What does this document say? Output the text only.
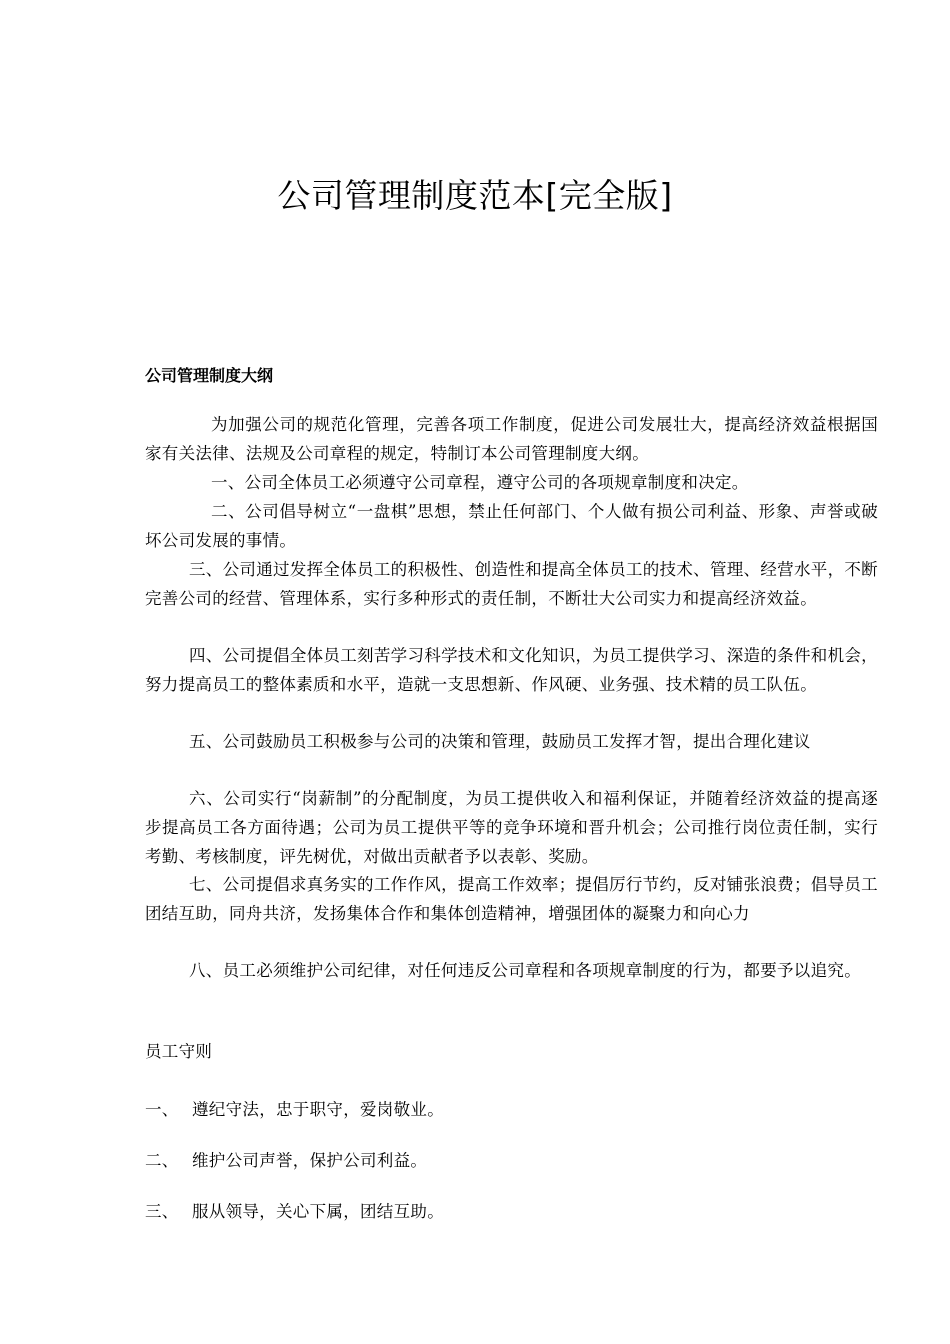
公司管理制度范本[完全版]
公司管理制度大纲

为加强公司的规范化管理，完善各项工作制度，促进公司发展壮大，提高经济效益根据国家有关法律、法规及公司章程的规定，特制订本公司管理制度大纲。

一、公司全体员工必须遵守公司章程，遵守公司的各项规章制度和决定。

二、公司倡导树立“一盘棋”思想，禁止任何部门、个人做有损公司利益、形象、声誉或破坏公司发展的事情。

三、公司通过发挥全体员工的积极性、创造性和提高全体员工的技术、管理、经营水平，不断完善公司的经营、管理体系，实行多种形式的责任制，不断壮大公司实力和提高经济效益。

四、公司提倡全体员工刻苦学习科学技术和文化知识，为员工提供学习、深造的条件和机会，努力提高员工的整体素质和水平，造就一支思想新、作风硬、业务强、技术精的员工队伍。

五、公司鼓励员工积极参与公司的决策和管理，鼓励员工发挥才智，提出合理化建议

六、公司实行“岗薪制”的分配制度，为员工提供收入和福利保证，并随着经济效益的提高逐步提高员工各方面待遇；公司为员工提供平等的竞争环境和晋升机会；公司推行岗位责任制，实行考勤、考核制度，评先树优，对做出贡献者予以表彰、奖励。

七、公司提倡求真务实的工作作风，提高工作效率；提倡厉行节约，反对铺张浪费；倡导员工团结互助，同舟共济，发扬集体合作和集体创造精神，增强团体的凝聚力和向心力

八、员工必须维护公司纪律，对任何违反公司章程和各项规章制度的行为，都要予以追究。

员工守则

一、 遵纪守法，忠于职守，爱岗敬业。
二、 维护公司声誉，保护公司利益。
三、 服从领导，关心下属，团结互助。
